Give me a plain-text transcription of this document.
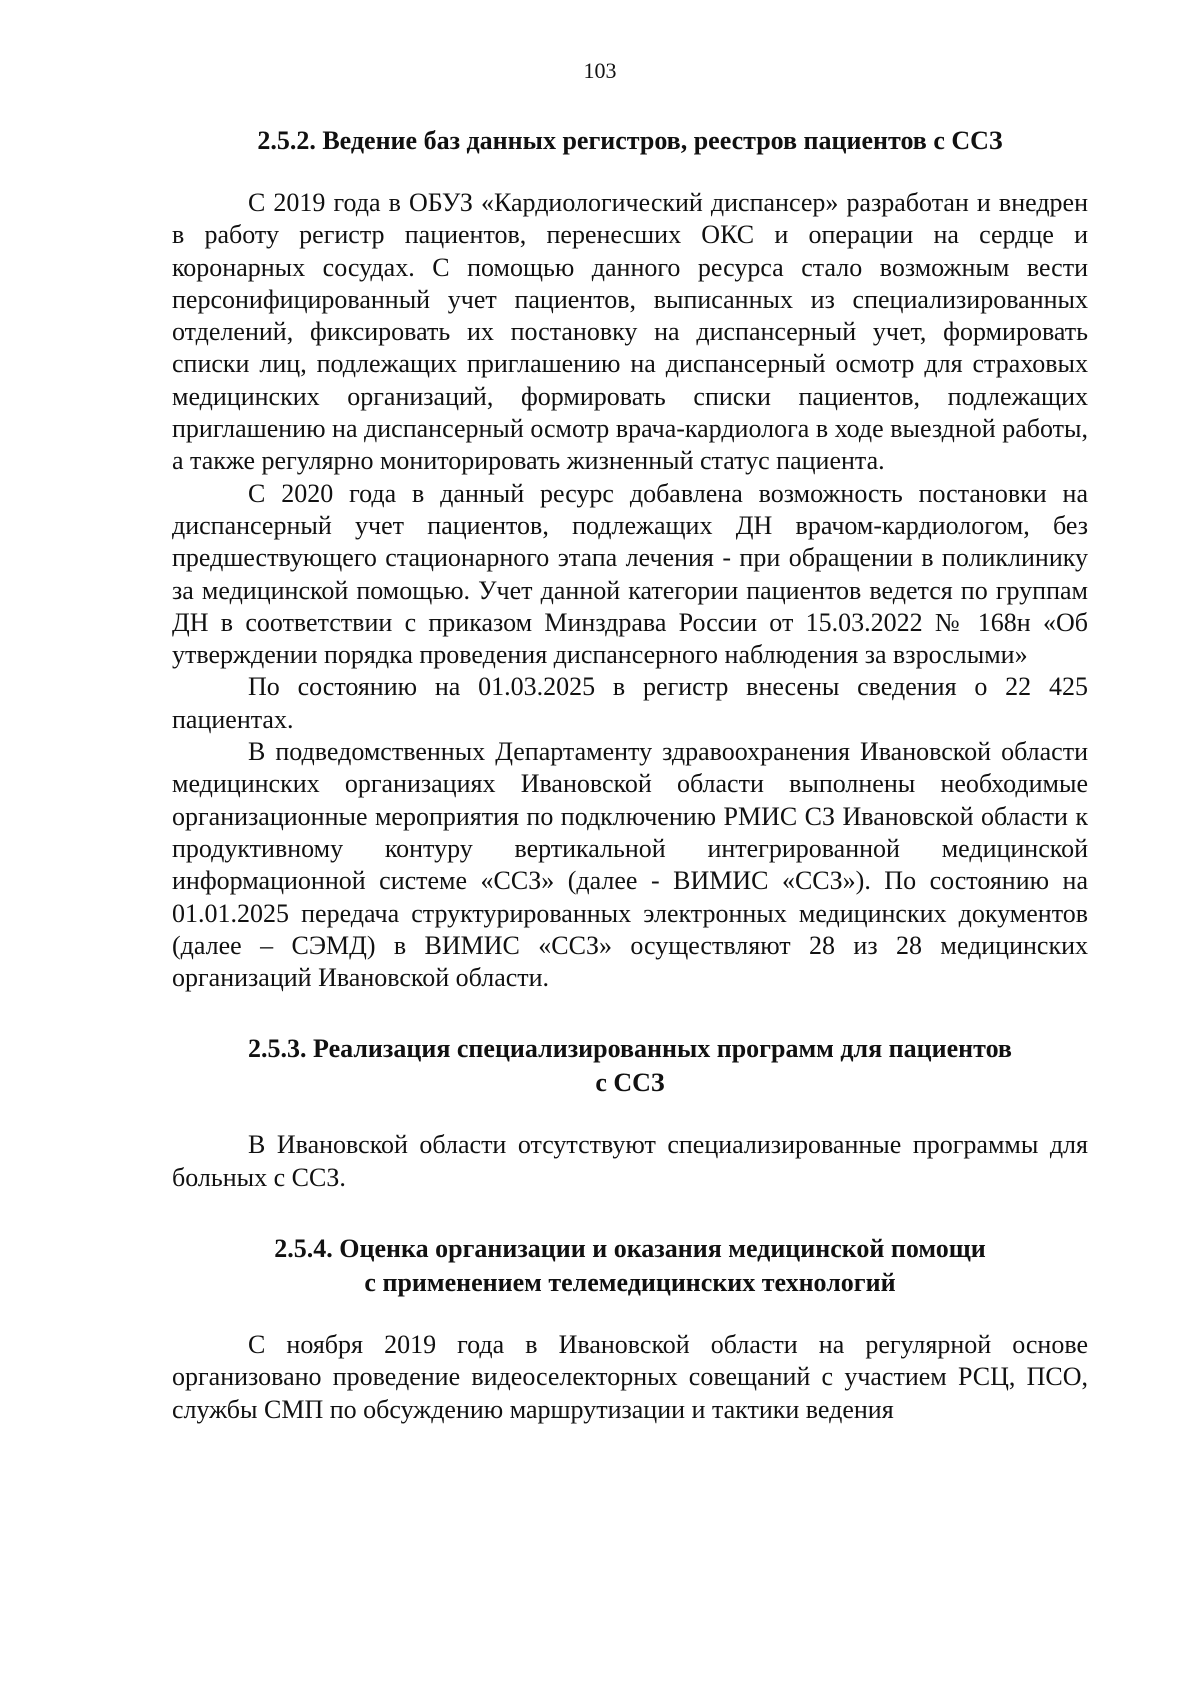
103
2.5.2. Ведение баз данных регистров, реестров пациентов с ССЗ

С 2019 года в ОБУЗ «Кардиологический диспансер» разработан и внедрен в работу регистр пациентов, перенесших ОКС и операции на сердце и коронарных сосудах. С помощью данного ресурса стало возможным вести персонифицированный учет пациентов, выписанных из специализированных отделений, фиксировать их постановку на диспансерный учет, формировать списки лиц, подлежащих приглашению на диспансерный осмотр для страховых медицинских организаций, формировать списки пациентов, подлежащих приглашению на диспансерный осмотр врача-кардиолога в ходе выездной работы, а также регулярно мониторировать жизненный статус пациента.

С 2020 года в данный ресурс добавлена возможность постановки на диспансерный учет пациентов, подлежащих ДН врачом-кардиологом, без предшествующего стационарного этапа лечения - при обращении в поликлинику за медицинской помощью. Учет данной категории пациентов ведется по группам ДН в соответствии с приказом Минздрава России от 15.03.2022 № 168н «Об утверждении порядка проведения диспансерного наблюдения за взрослыми»

По состоянию на 01.03.2025 в регистр внесены сведения о 22 425 пациентах.

В подведомственных Департаменту здравоохранения Ивановской области медицинских организациях Ивановской области выполнены необходимые организационные мероприятия по подключению РМИС СЗ Ивановской области к продуктивному контуру вертикальной интегрированной медицинской информационной системе «ССЗ» (далее - ВИМИС «ССЗ»). По состоянию на 01.01.2025 передача структурированных электронных медицинских документов (далее – СЭМД) в ВИМИС «ССЗ» осуществляют 28 из 28 медицинских организаций Ивановской области.

2.5.3. Реализация специализированных программ для пациентов
с ССЗ

В Ивановской области отсутствуют специализированные программы для больных с ССЗ.

2.5.4. Оценка организации и оказания медицинской помощи
с применением телемедицинских технологий

С ноября 2019 года в Ивановской области на регулярной основе организовано проведение видеоселекторных совещаний с участием РСЦ, ПСО, службы СМП по обсуждению маршрутизации и тактики ведения
